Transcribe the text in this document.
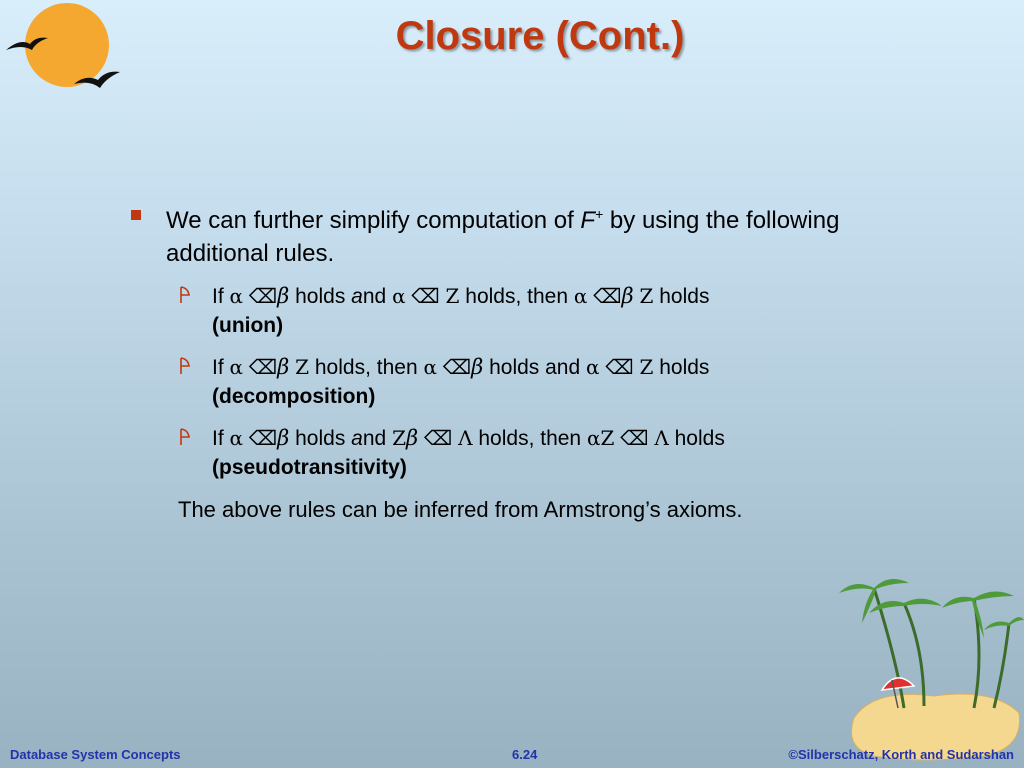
Closure (Cont.)
We can further simplify computation of F+ by using the following additional rules.
If α ⌫β holds and α ⌫ Z holds, then α ⌫β Z holds
(union)
If α ⌫β Z holds, then α ⌫β holds and α ⌫ Z holds
(decomposition)
If α ⌫β holds and Zβ ⌫ Λ holds, then αZ ⌫ Λ holds
(pseudotransitivity)
The above rules can be inferred from Armstrong’s axioms.
Database System Concepts	6.24	©Silberschatz, Korth and Sudarshan
